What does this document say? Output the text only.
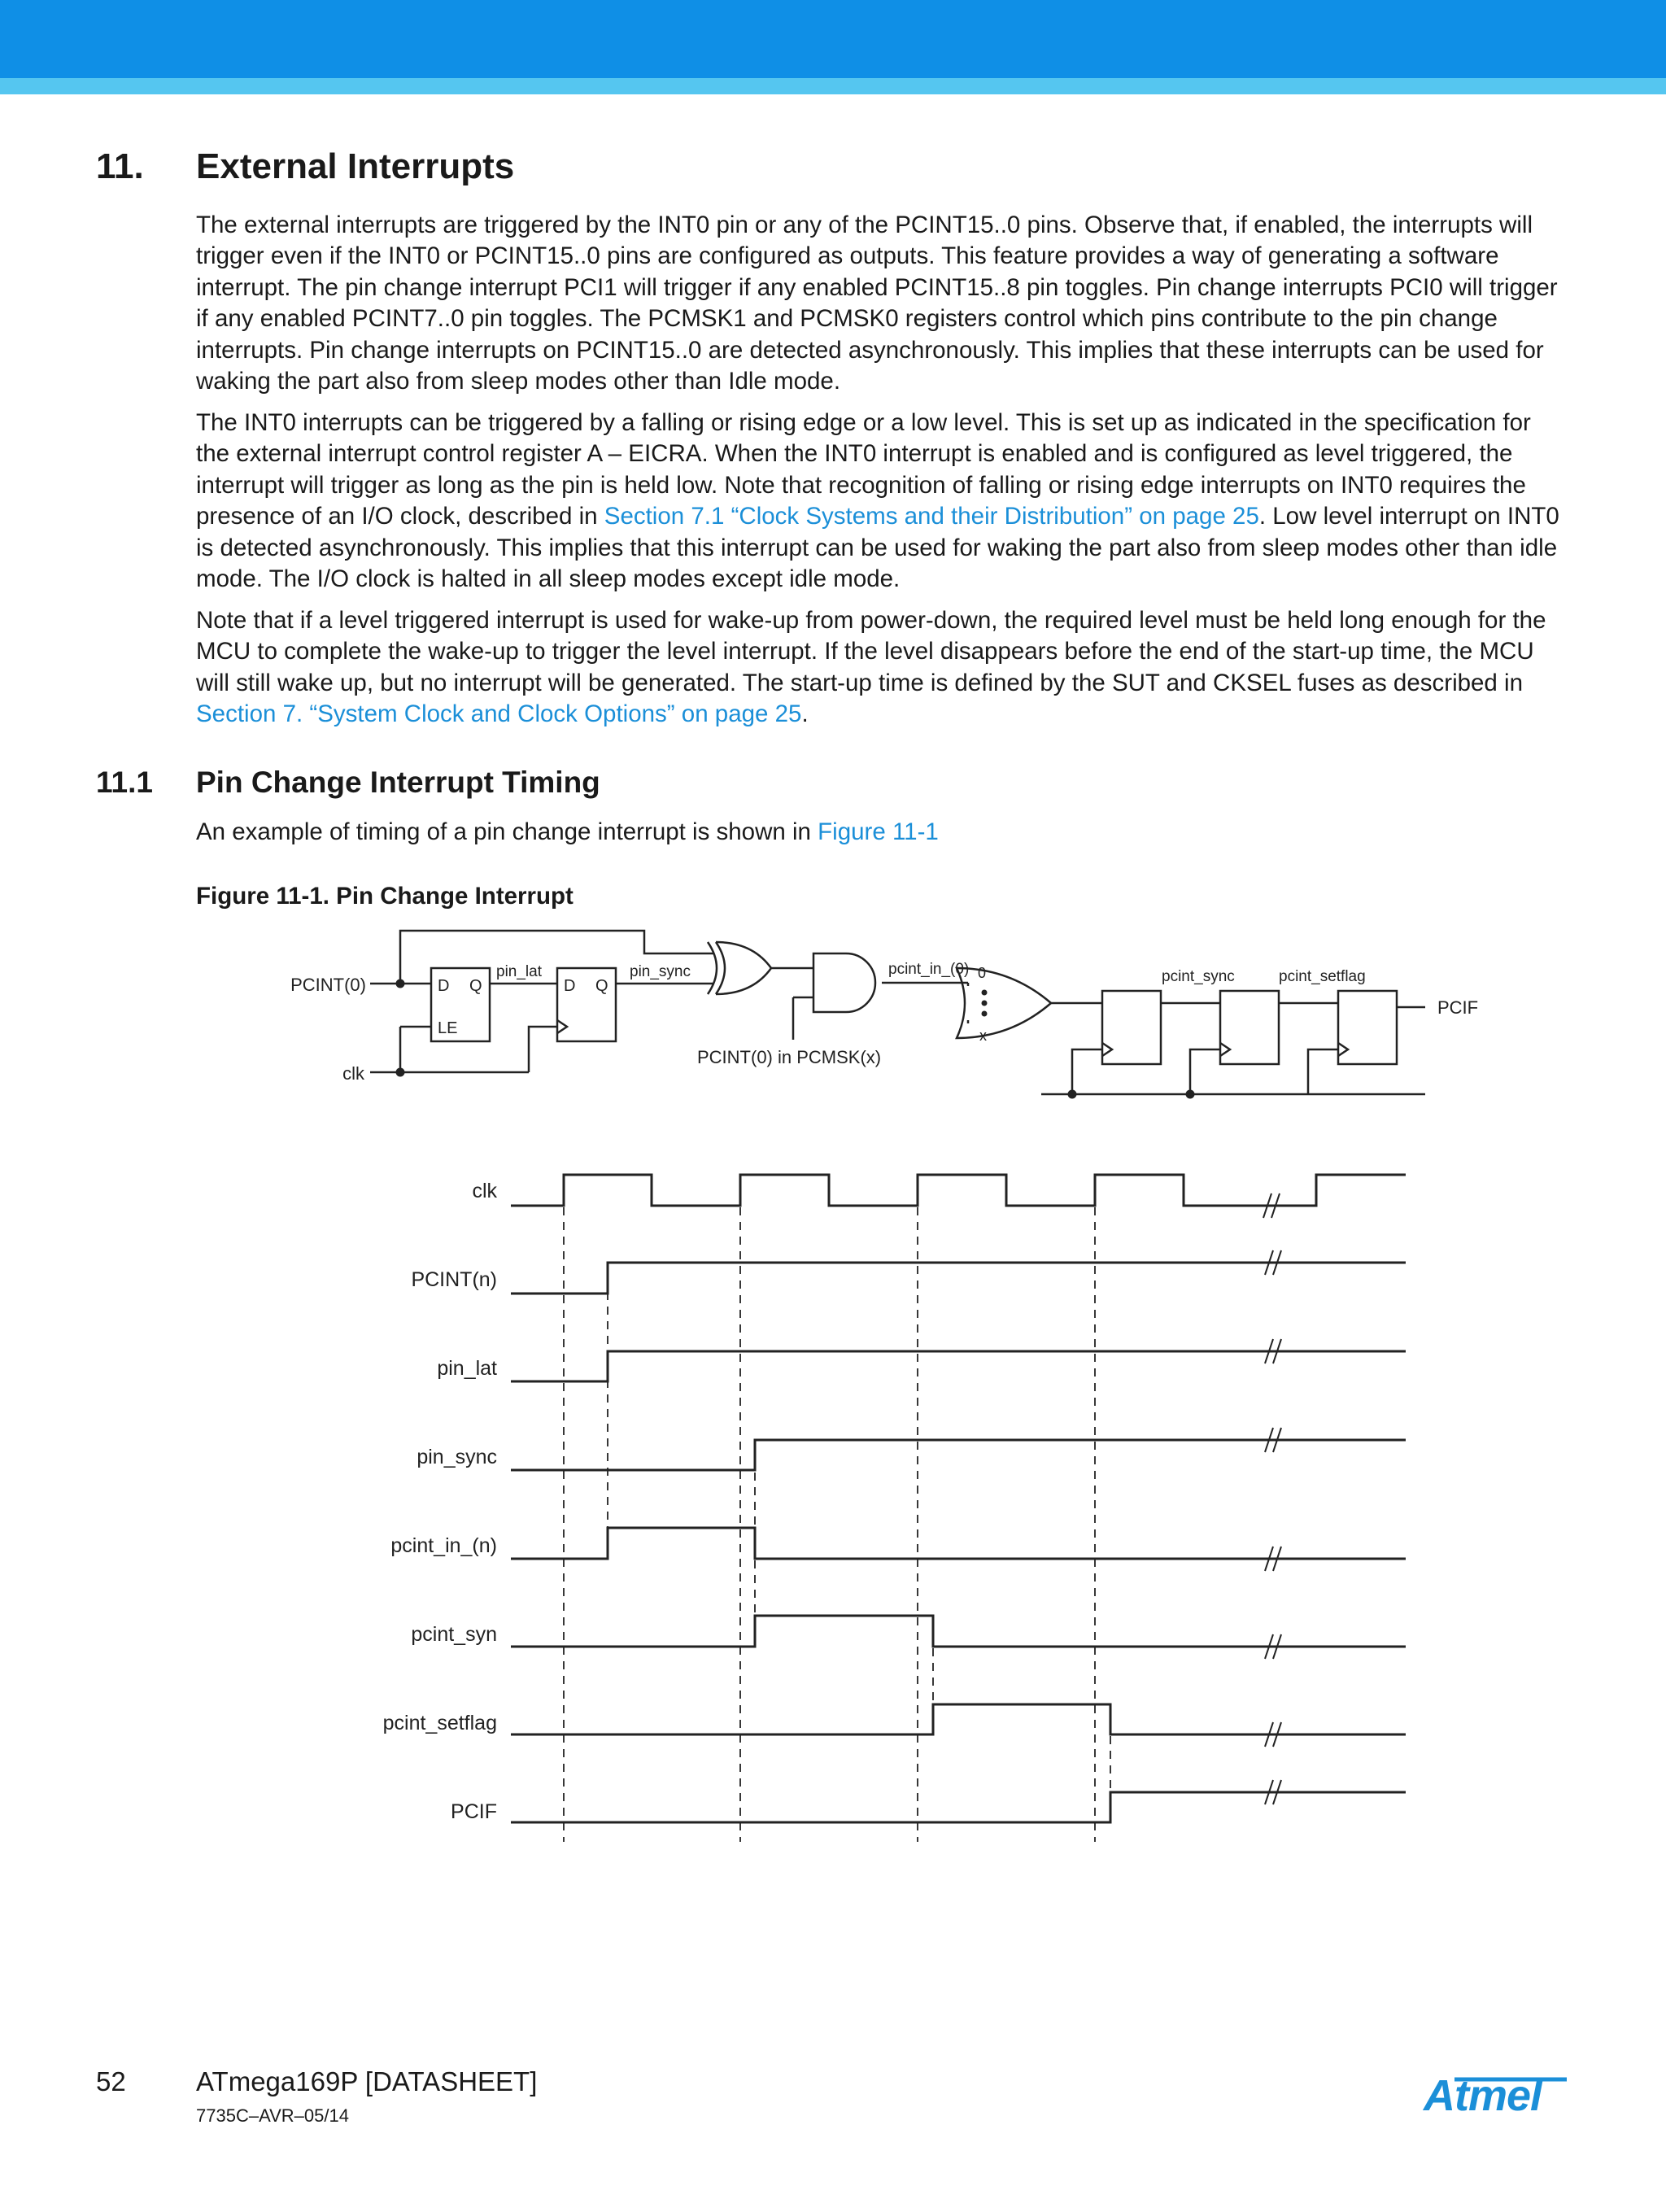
11. External Interrupts

The external interrupts are triggered by the INT0 pin or any of the PCINT15..0 pins. Observe that, if enabled, the interrupts will trigger even if the INT0 or PCINT15..0 pins are configured as outputs. This feature provides a way of generating a software interrupt. The pin change interrupt PCI1 will trigger if any enabled PCINT15..8 pin toggles. Pin change interrupts PCI0 will trigger if any enabled PCINT7..0 pin toggles. The PCMSK1 and PCMSK0 registers control which pins contribute to the pin change interrupts. Pin change interrupts on PCINT15..0 are detected asynchronously. This implies that these interrupts can be used for waking the part also from sleep modes other than Idle mode.

The INT0 interrupts can be triggered by a falling or rising edge or a low level. This is set up as indicated in the specification for the external interrupt control register A – EICRA. When the INT0 interrupt is enabled and is configured as level triggered, the interrupt will trigger as long as the pin is held low. Note that recognition of falling or rising edge interrupts on INT0 requires the presence of an I/O clock, described in Section 7.1 “Clock Systems and their Distribution” on page 25. Low level interrupt on INT0 is detected asynchronously. This implies that this interrupt can be used for waking the part also from sleep modes other than idle mode. The I/O clock is halted in all sleep modes except idle mode.

Note that if a level triggered interrupt is used for wake-up from power-down, the required level must be held long enough for the MCU to complete the wake-up to trigger the level interrupt. If the level disappears before the end of the start-up time, the MCU will still wake up, but no interrupt will be generated. The start-up time is defined by the SUT and CKSEL fuses as described in Section 7. “System Clock and Clock Options” on page 25.

11.1 Pin Change Interrupt Timing

An example of timing of a pin change interrupt is shown in Figure 11-1

Figure 11-1. Pin Change Interrupt
PCINT(0)
clk
D Q
LE
D Q
pin_lat	pin_sync	pcint_in_(0) 0
x
PCINT(0) in PCMSK(x)
pcint_sync	pcint_setflag
PCIF
clk
PCINT(n)
pin_lat
pin_sync
pcint_in_(n)
pcint_syn
pcint_setflag
PCIF
52	ATmega169P [DATASHEET]
7735C–AVR–05/14	Atmel
